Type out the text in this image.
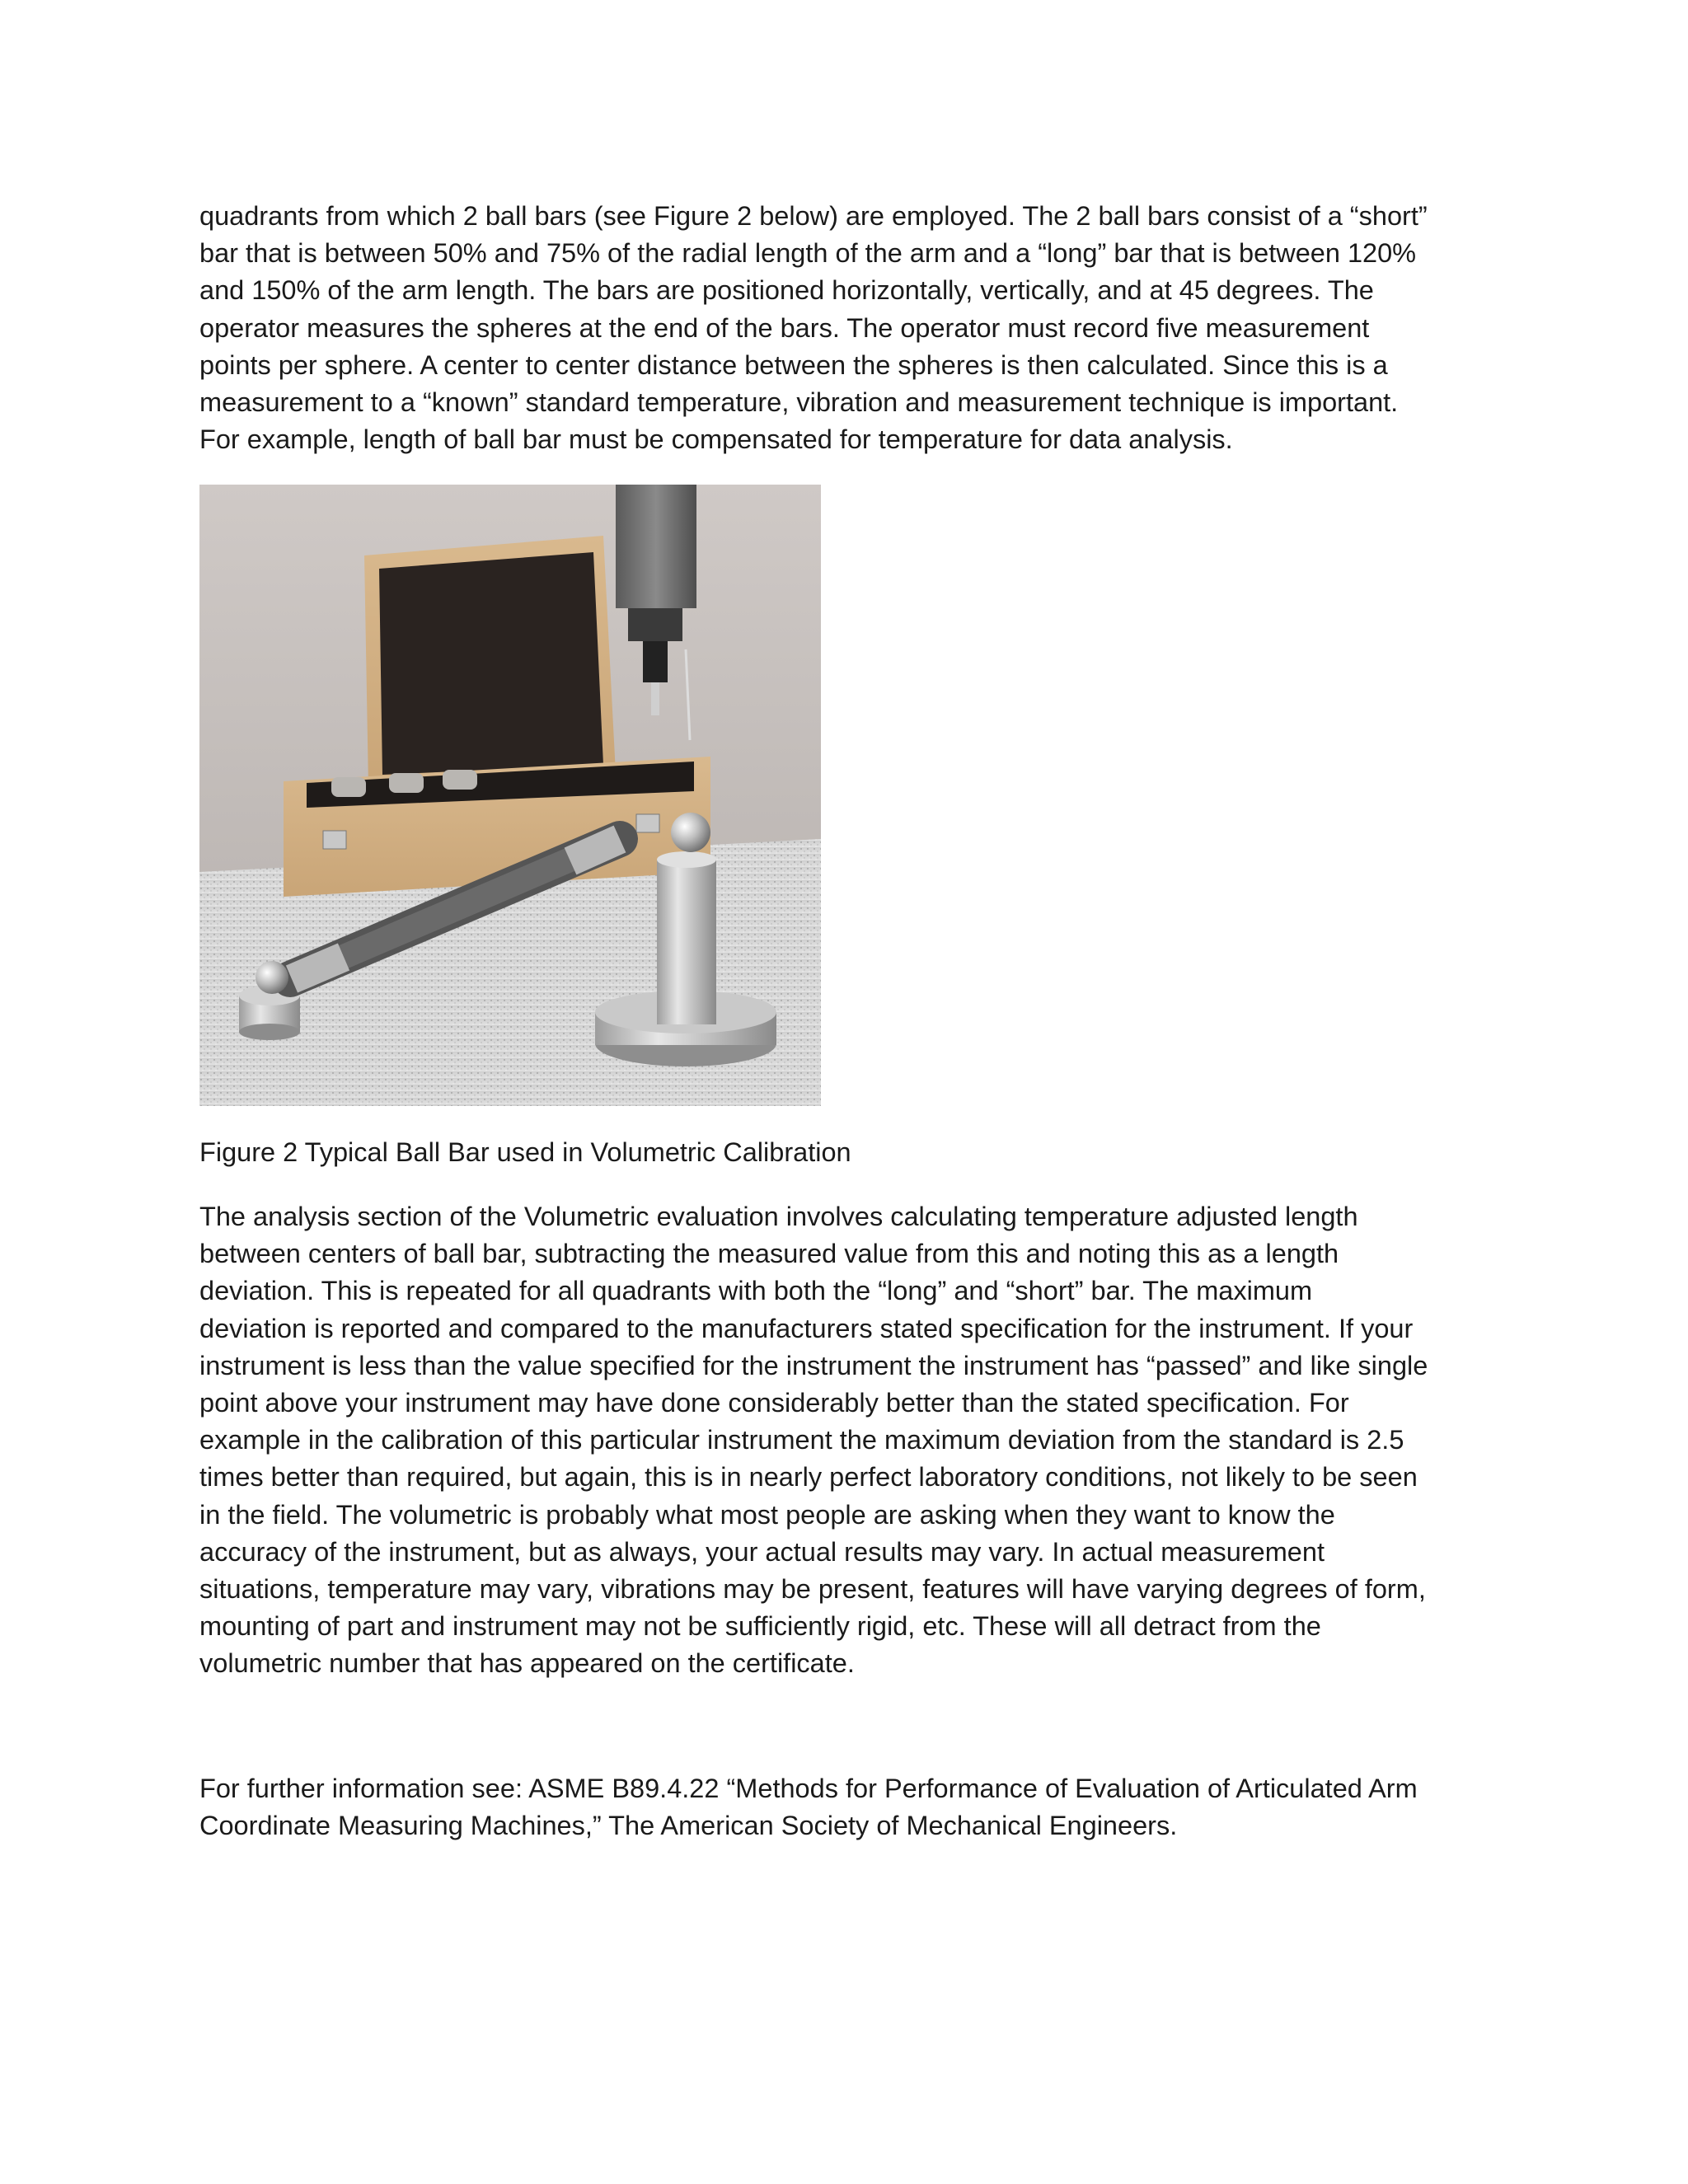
quadrants from which 2 ball bars (see Figure 2 below) are employed. The 2 ball bars consist of a “short”
bar that is between 50% and 75% of the radial length of the arm and a “long” bar that is between 120%
and 150% of the arm length. The bars are positioned horizontally, vertically, and at 45 degrees. The
operator measures the spheres at the end of the bars. The operator must record five measurement
points per sphere. A center to center distance between the spheres is then calculated. Since this is a
measurement to a “known” standard temperature, vibration and measurement technique is important.
For example, length of ball bar must be compensated for temperature for data analysis.

Figure 2 Typical Ball Bar used in Volumetric Calibration

The analysis section of the Volumetric evaluation involves calculating temperature adjusted length
between centers of ball bar, subtracting the measured value from this and noting this as a length
deviation. This is repeated for all quadrants with both the “long” and “short” bar. The maximum
deviation is reported and compared to the manufacturers stated specification for the instrument. If your
instrument is less than the value specified for the instrument the instrument has “passed” and like single
point above your instrument may have done considerably better than the stated specification. For
example in the calibration of this particular instrument the maximum deviation from the standard is 2.5
times better than required, but again, this is in nearly perfect laboratory conditions, not likely to be seen
in the field. The volumetric is probably what most people are asking when they want to know the
accuracy of the instrument, but as always, your actual results may vary. In actual measurement
situations, temperature may vary, vibrations may be present, features will have varying degrees of form,
mounting of part and instrument may not be sufficiently rigid, etc. These will all detract from the
volumetric number that has appeared on the certificate.

For further information see: ASME B89.4.22 “Methods for Performance of Evaluation of Articulated Arm
Coordinate Measuring Machines,” The American Society of Mechanical Engineers.
